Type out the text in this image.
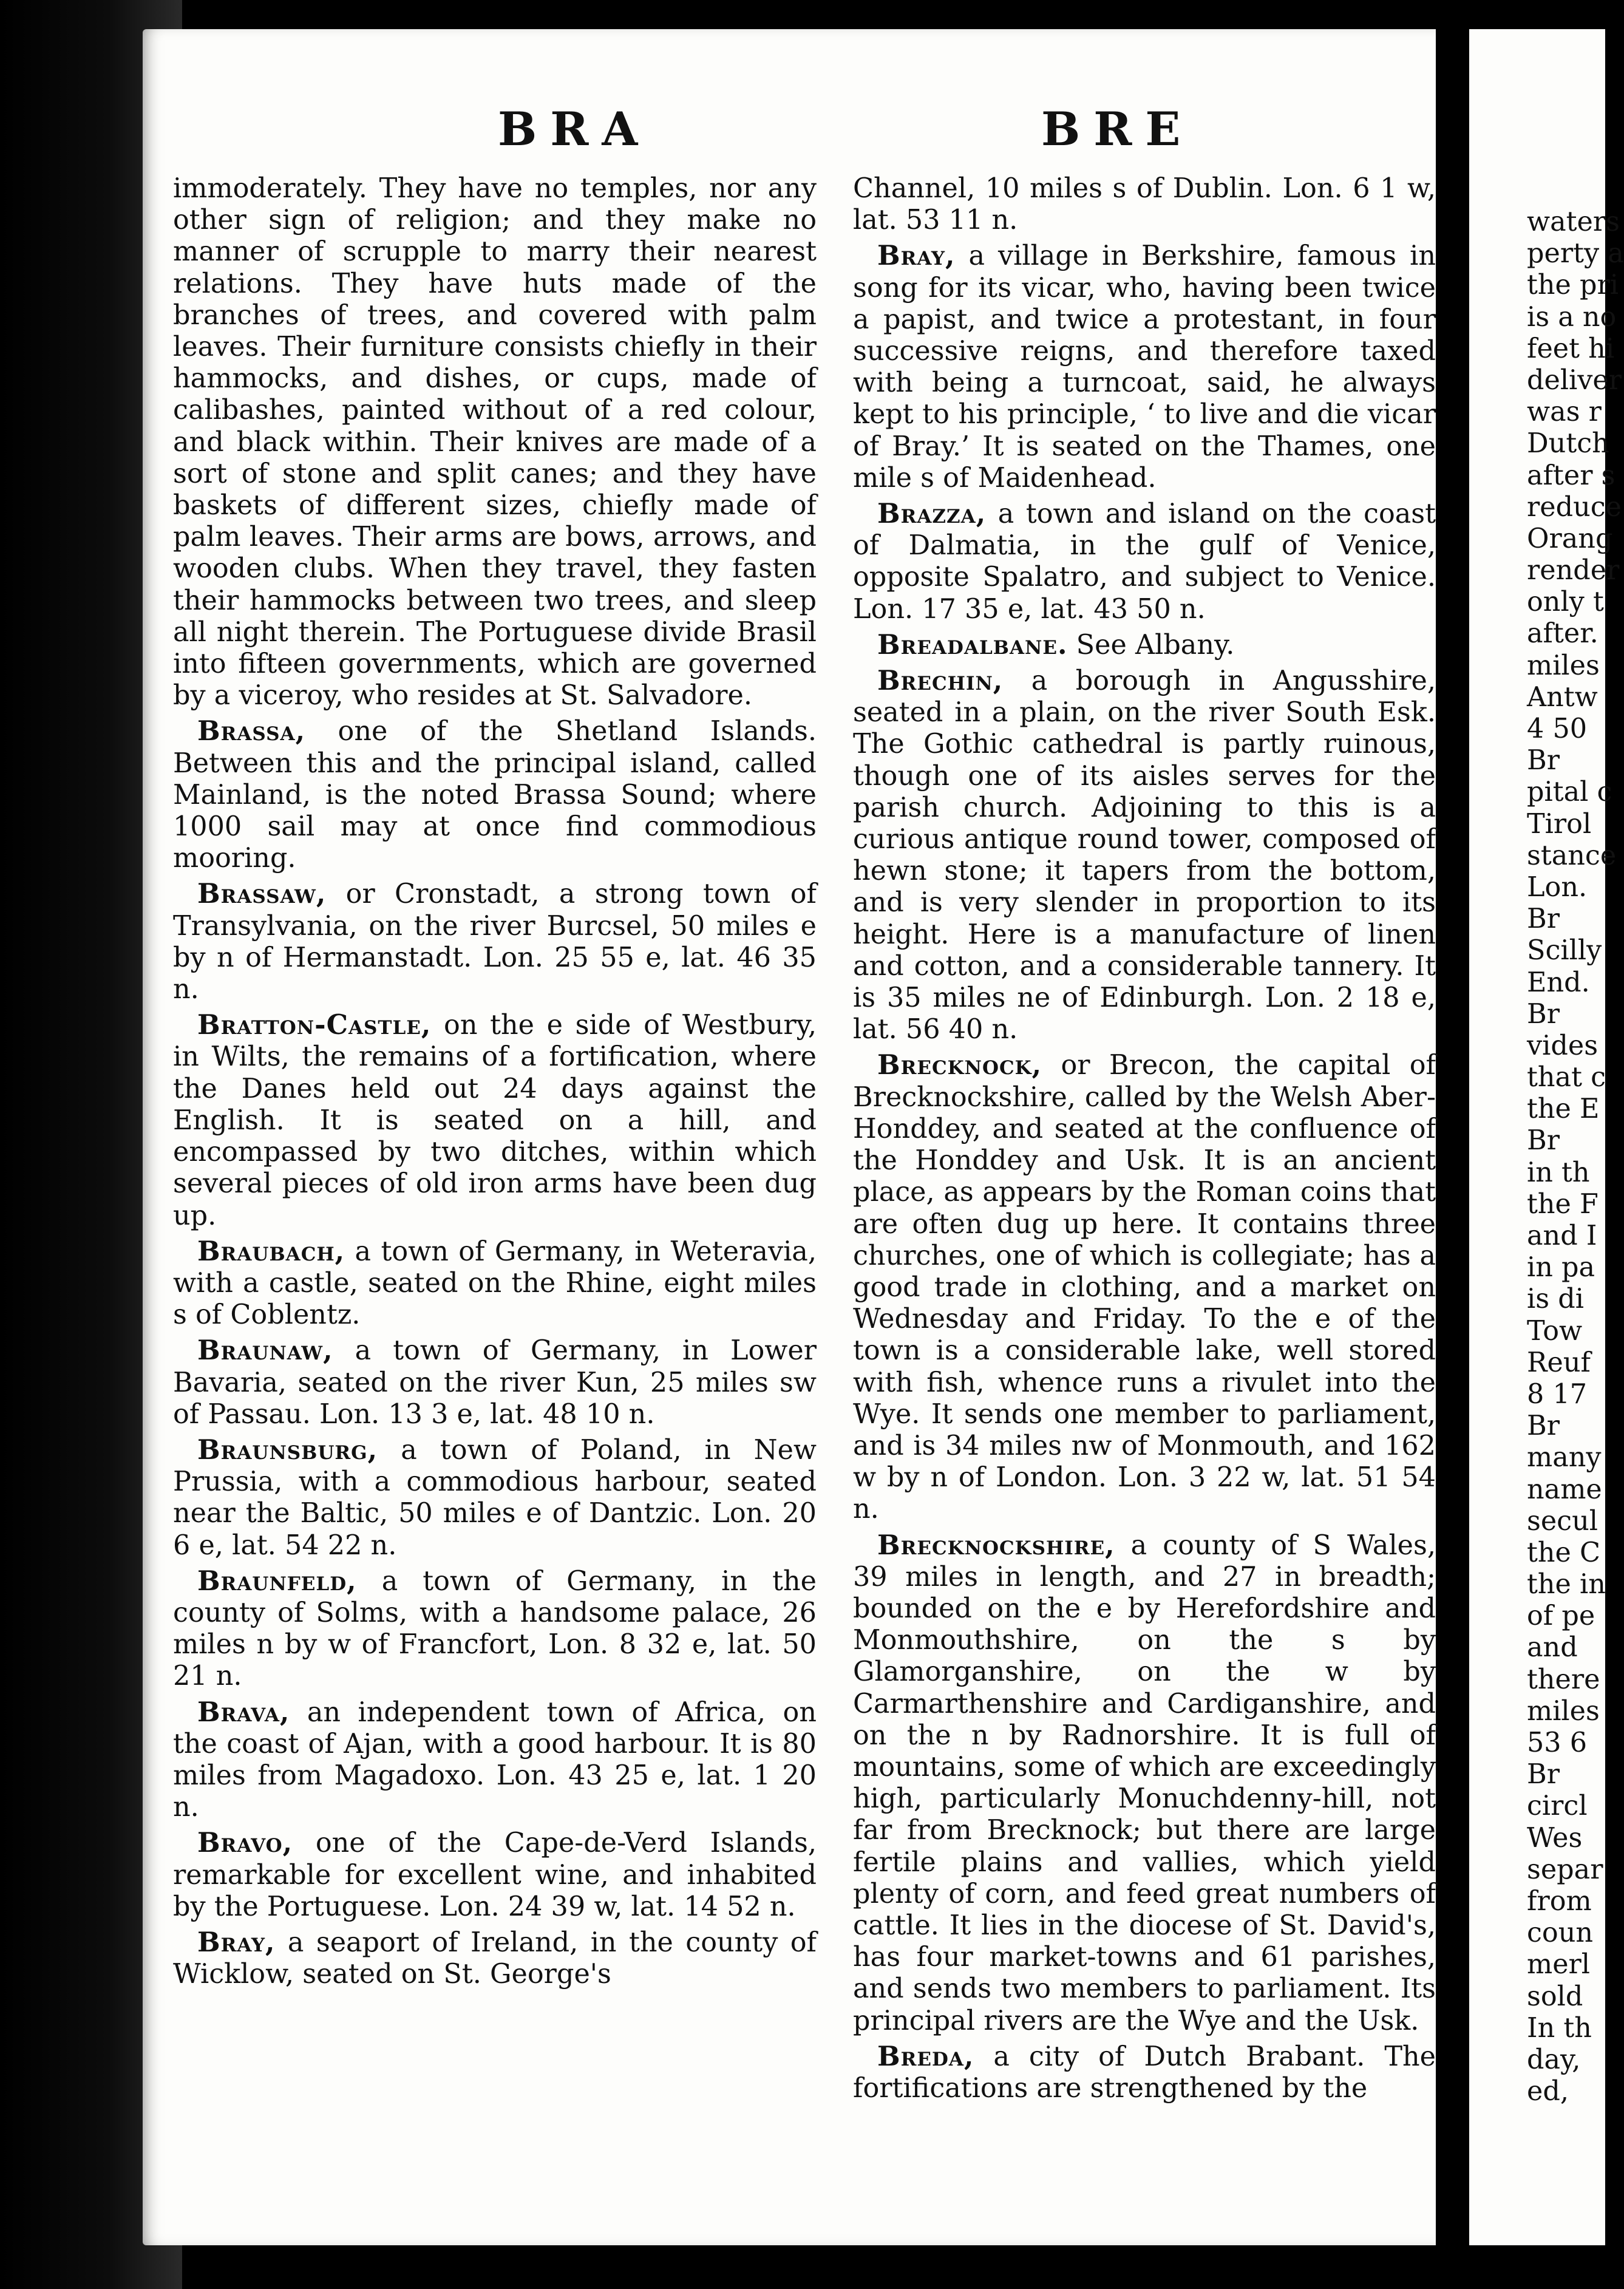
BRA	BRE

immoderately. They have no temples, nor any other sign of religion; and they make no manner of scrupple to marry their nearest relations. They have huts made of the branches of trees, and covered with palm leaves. Their furniture consists chiefly in their hammocks, and dishes, or cups, made of calibashes, painted without of a red colour, and black within. Their knives are made of a sort of stone and split canes; and they have baskets of different sizes, chiefly made of palm leaves. Their arms are bows, arrows, and wooden clubs. When they travel, they fasten their hammocks between two trees, and sleep all night therein. The Portuguese divide Brasil into fifteen governments, which are governed by a viceroy, who resides at St. Salvadore.

Brassa, one of the Shetland Islands. Between this and the principal island, called Mainland, is the noted Brassa Sound; where 1000 sail may at once find commodious mooring.

Brassaw, or Cronstadt, a strong town of Transylvania, on the river Burcsel, 50 miles e by n of Hermanstadt. Lon. 25 55 e, lat. 46 35 n.

Bratton-Castle, on the e side of Westbury, in Wilts, the remains of a fortification, where the Danes held out 24 days against the English. It is seated on a hill, and encompassed by two ditches, within which several pieces of old iron arms have been dug up.

Braubach, a town of Germany, in Weteravia, with a castle, seated on the Rhine, eight miles s of Coblentz.

Braunaw, a town of Germany, in Lower Bavaria, seated on the river Kun, 25 miles sw of Passau. Lon. 13 3 e, lat. 48 10 n.

Braunsburg, a town of Poland, in New Prussia, with a commodious harbour, seated near the Baltic, 50 miles e of Dantzic. Lon. 20 6 e, lat. 54 22 n.

Braunfeld, a town of Germany, in the county of Solms, with a handsome palace, 26 miles n by w of Francfort, Lon. 8 32 e, lat. 50 21 n.

Brava, an independent town of Africa, on the coast of Ajan, with a good harbour. It is 80 miles from Magadoxo. Lon. 43 25 e, lat. 1 20 n.

Bravo, one of the Cape-de-Verd Islands, remarkable for excellent wine, and inhabited by the Portuguese. Lon. 24 39 w, lat. 14 52 n.

Bray, a seaport of Ireland, in the county of Wicklow, seated on St. George's

Channel, 10 miles s of Dublin. Lon. 6 1 w, lat. 53 11 n.

Bray, a village in Berkshire, famous in song for its vicar, who, having been twice a papist, and twice a protestant, in four successive reigns, and therefore taxed with being a turncoat, said, he always kept to his principle, ‘ to live and die vicar of Bray.’ It is seated on the Thames, one mile s of Maidenhead.

Brazza, a town and island on the coast of Dalmatia, in the gulf of Venice, opposite Spalatro, and subject to Venice. Lon. 17 35 e, lat. 43 50 n.

Breadalbane. See Albany.

Brechin, a borough in Angusshire, seated in a plain, on the river South Esk. The Gothic cathedral is partly ruinous, though one of its aisles serves for the parish church. Adjoining to this is a curious antique round tower, composed of hewn stone; it tapers from the bottom, and is very slender in proportion to its height. Here is a manufacture of linen and cotton, and a considerable tannery. It is 35 miles ne of Edinburgh. Lon. 2 18 e, lat. 56 40 n.

Brecknock, or Brecon, the capital of Brecknockshire, called by the Welsh Aber-Honddey, and seated at the confluence of the Honddey and Usk. It is an ancient place, as appears by the Roman coins that are often dug up here. It contains three churches, one of which is collegiate; has a good trade in clothing, and a market on Wednesday and Friday. To the e of the town is a considerable lake, well stored with fish, whence runs a rivulet into the Wye. It sends one member to parliament, and is 34 miles nw of Monmouth, and 162 w by n of London. Lon. 3 22 w, lat. 51 54 n.

Brecknockshire, a county of S Wales, 39 miles in length, and 27 in breadth; bounded on the e by Herefordshire and Monmouthshire, on the s by Glamorganshire, on the w by Carmarthenshire and Cardiganshire, and on the n by Radnorshire. It is full of mountains, some of which are exceedingly high, particularly Monuchdenny-hill, not far from Brecknock; but there are large fertile plains and vallies, which yield plenty of corn, and feed great numbers of cattle. It lies in the diocese of St. David's, has four market-towns and 61 parishes, and sends two members to parliament. Its principal rivers are the Wye and the Usk.

Breda, a city of Dutch Brabant. The fortifications are strengthened by the

waters
perty a
the pri
is a no
feet hi
deliver
was r
Dutch
after s
reduce
Orang
render
only t
after.
miles
Antw
4 50
Br
pital c
Tirol
stance
Lon.
Br
Scilly
End.
Br
vides
that c
the E
Br
in th
the F
and I
in pa
is di
Tow
Reuf
8 17
Br
many
name
secul
the C
the in
of pe
and
there
miles
53 6
Br
circl
Wes
separ
from
coun
merl
sold
In th
day,
ed,
